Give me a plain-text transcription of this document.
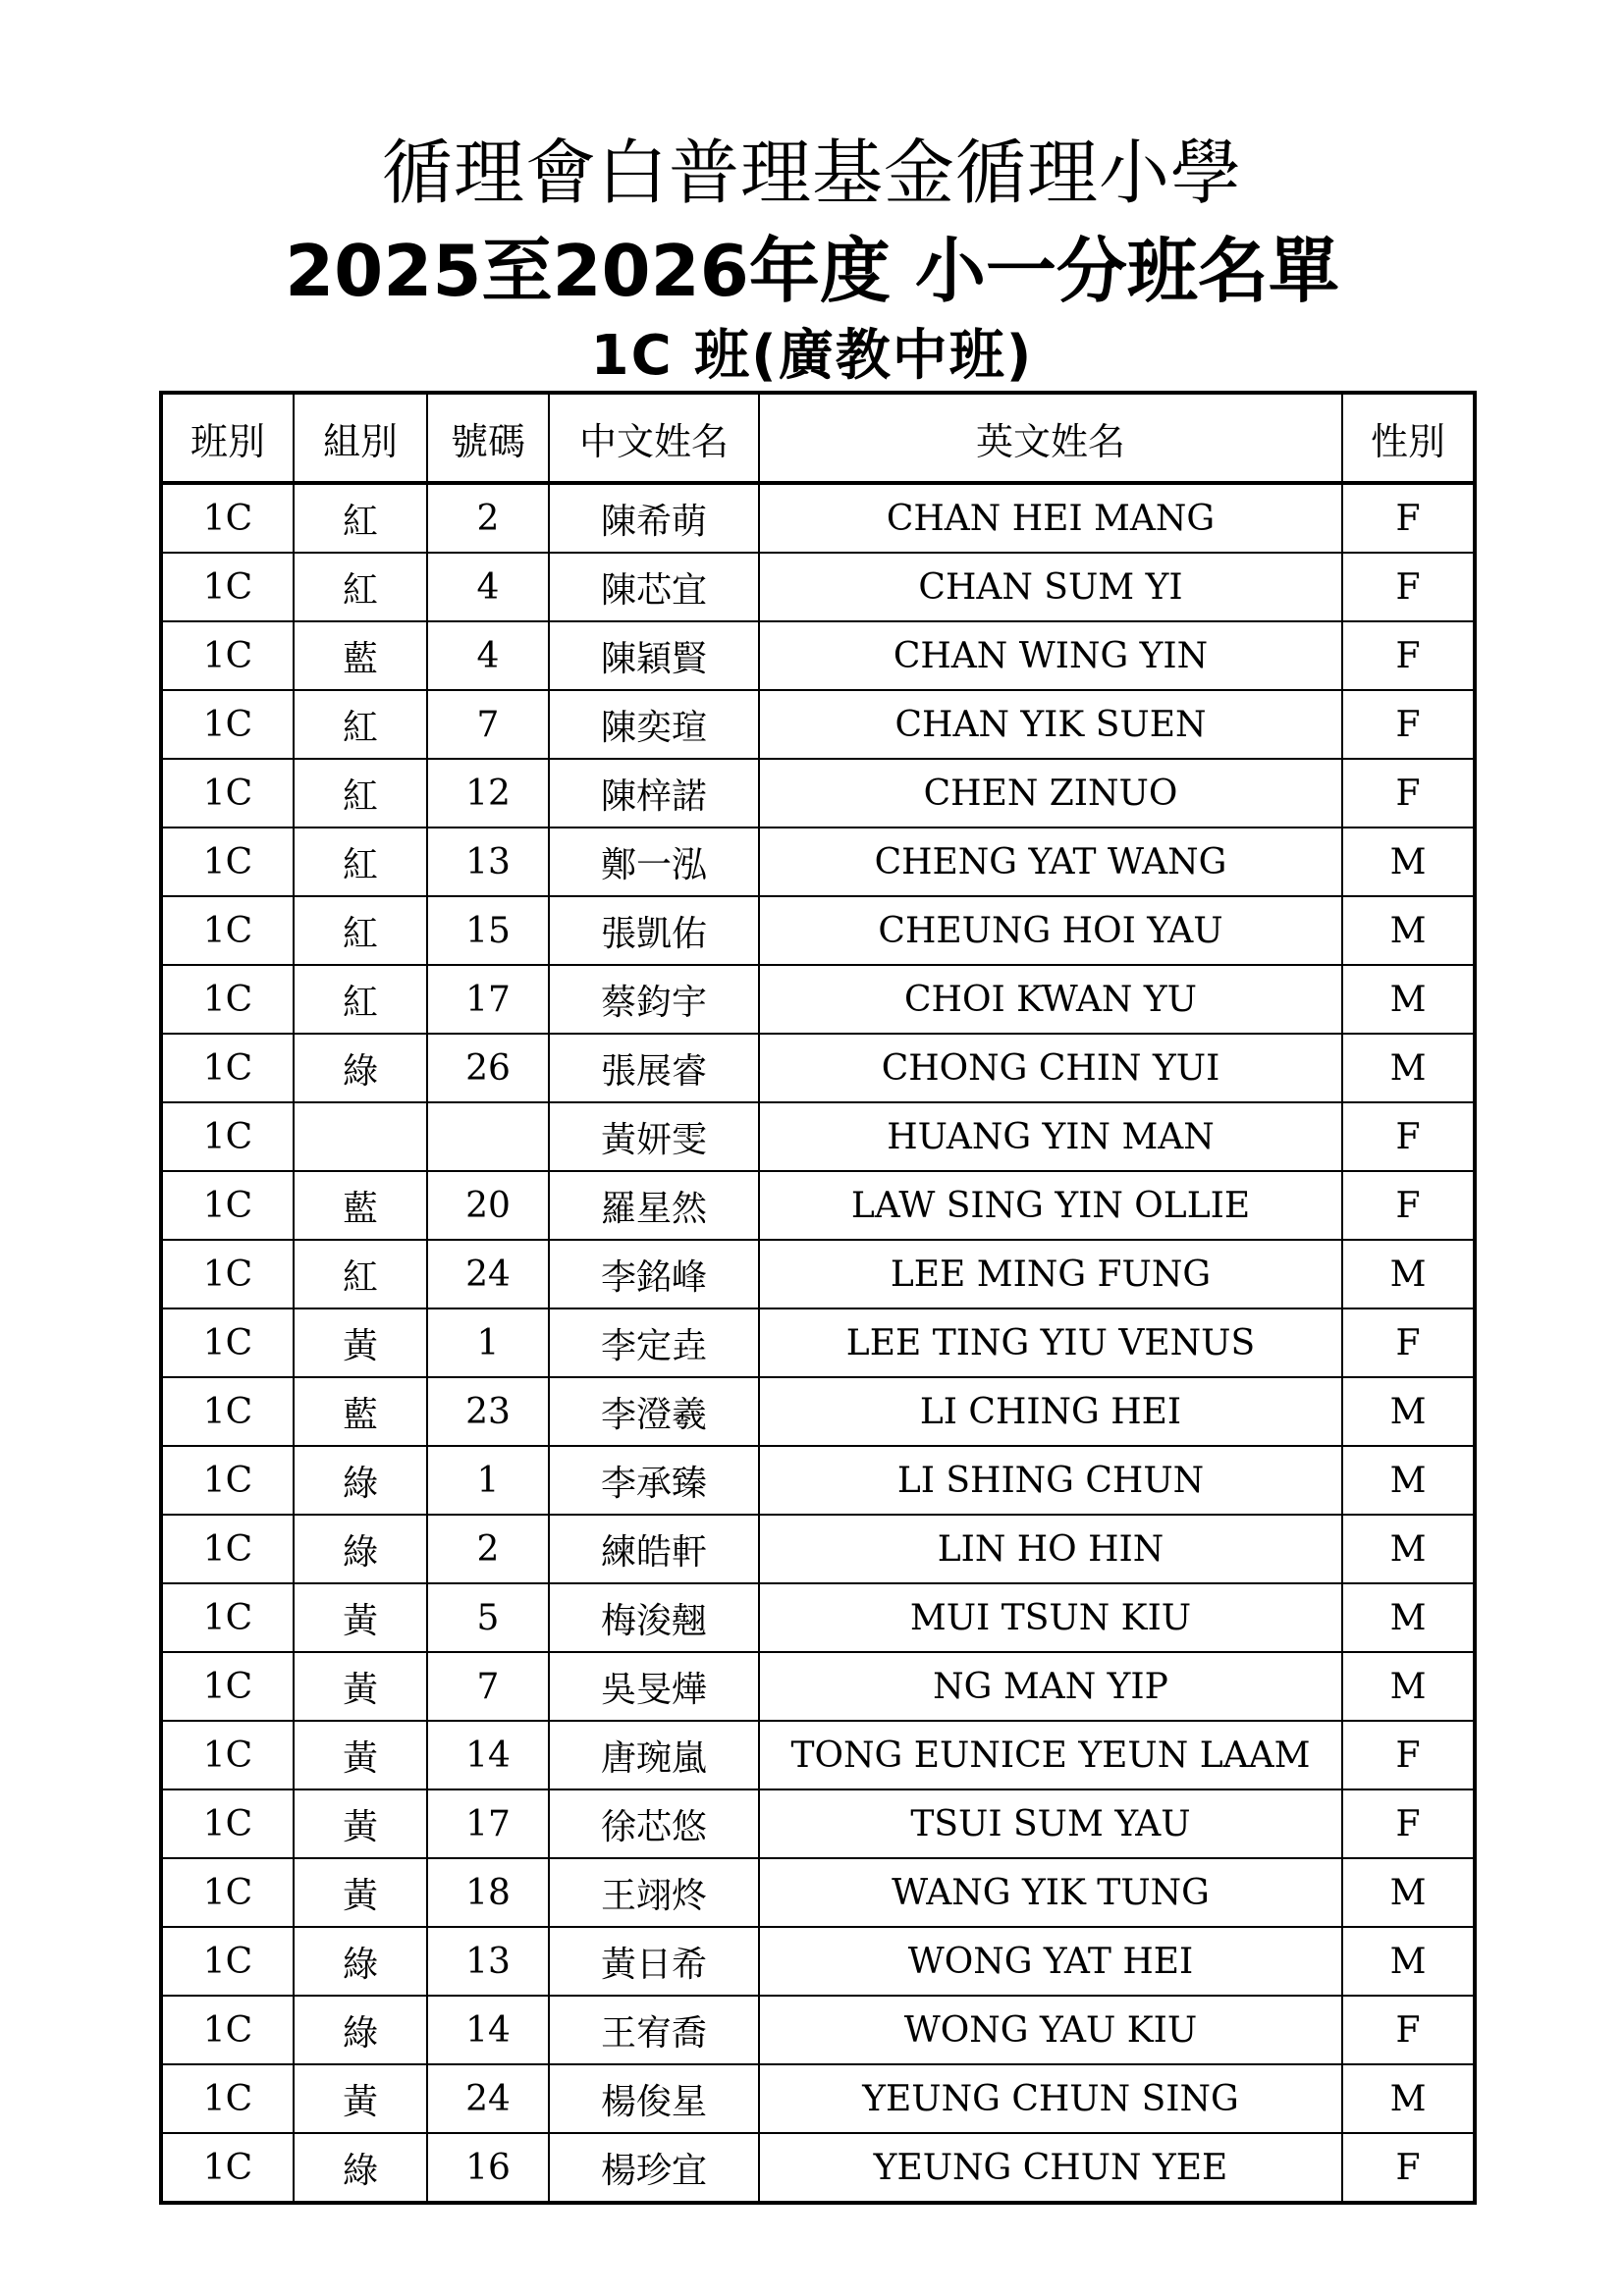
循理會白普理基金循理小學
2025至2026年度 小一分班名單
1C 班(廣教中班)
班別	組別	號碼	中文姓名	英文姓名	性別
1C	紅	2	陳希萌	CHAN HEI MANG	F
1C	紅	4	陳芯宜	CHAN SUM YI	F
1C	藍	4	陳穎賢	CHAN WING YIN	F
1C	紅	7	陳奕瑄	CHAN YIK SUEN	F
1C	紅	12	陳梓諾	CHEN ZINUO	F
1C	紅	13	鄭一泓	CHENG YAT WANG	M
1C	紅	15	張凱佑	CHEUNG HOI YAU	M
1C	紅	17	蔡鈞宇	CHOI KWAN YU	M
1C	綠	26	張展睿	CHONG CHIN YUI	M
1C			黃妍雯	HUANG YIN MAN	F
1C	藍	20	羅星然	LAW SING YIN OLLIE	F
1C	紅	24	李銘峰	LEE MING FUNG	M
1C	黃	1	李定垚	LEE TING YIU VENUS	F
1C	藍	23	李澄羲	LI CHING HEI	M
1C	綠	1	李承臻	LI SHING CHUN	M
1C	綠	2	練皓軒	LIN HO HIN	M
1C	黃	5	梅浚翹	MUI TSUN KIU	M
1C	黃	7	吳旻燁	NG MAN YIP	M
1C	黃	14	唐琬嵐	TONG EUNICE YEUN LAAM	F
1C	黃	17	徐芯悠	TSUI SUM YAU	F
1C	黃	18	王翊炵	WANG YIK TUNG	M
1C	綠	13	黃日希	WONG YAT HEI	M
1C	綠	14	王宥喬	WONG YAU KIU	F
1C	黃	24	楊俊星	YEUNG CHUN SING	M
1C	綠	16	楊珍宜	YEUNG CHUN YEE	F
